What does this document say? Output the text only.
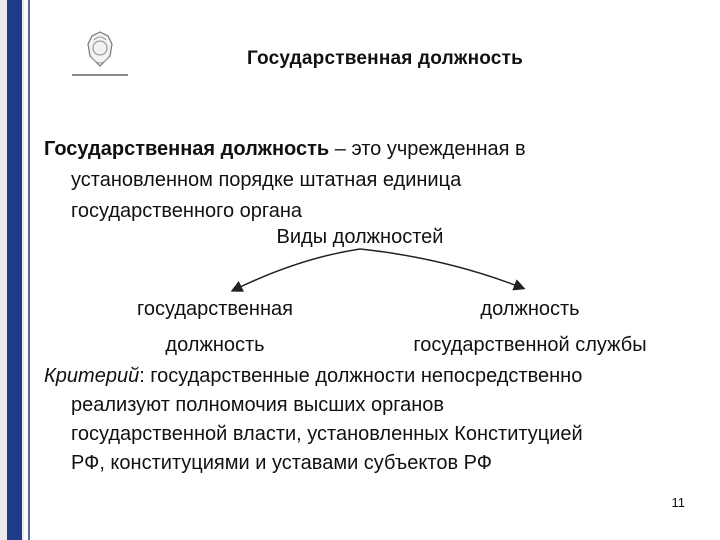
Государственная должность
Государственная должность – это учрежденная в
установленном порядке штатная единица
государственного органа
Виды должностей
государственная
должность
должность
государственной службы
Критерий: государственные должности непосредственно
реализуют полномочия высших органов
государственной власти, установленных Конституцией
РФ, конституциями и уставами субъектов РФ
11
